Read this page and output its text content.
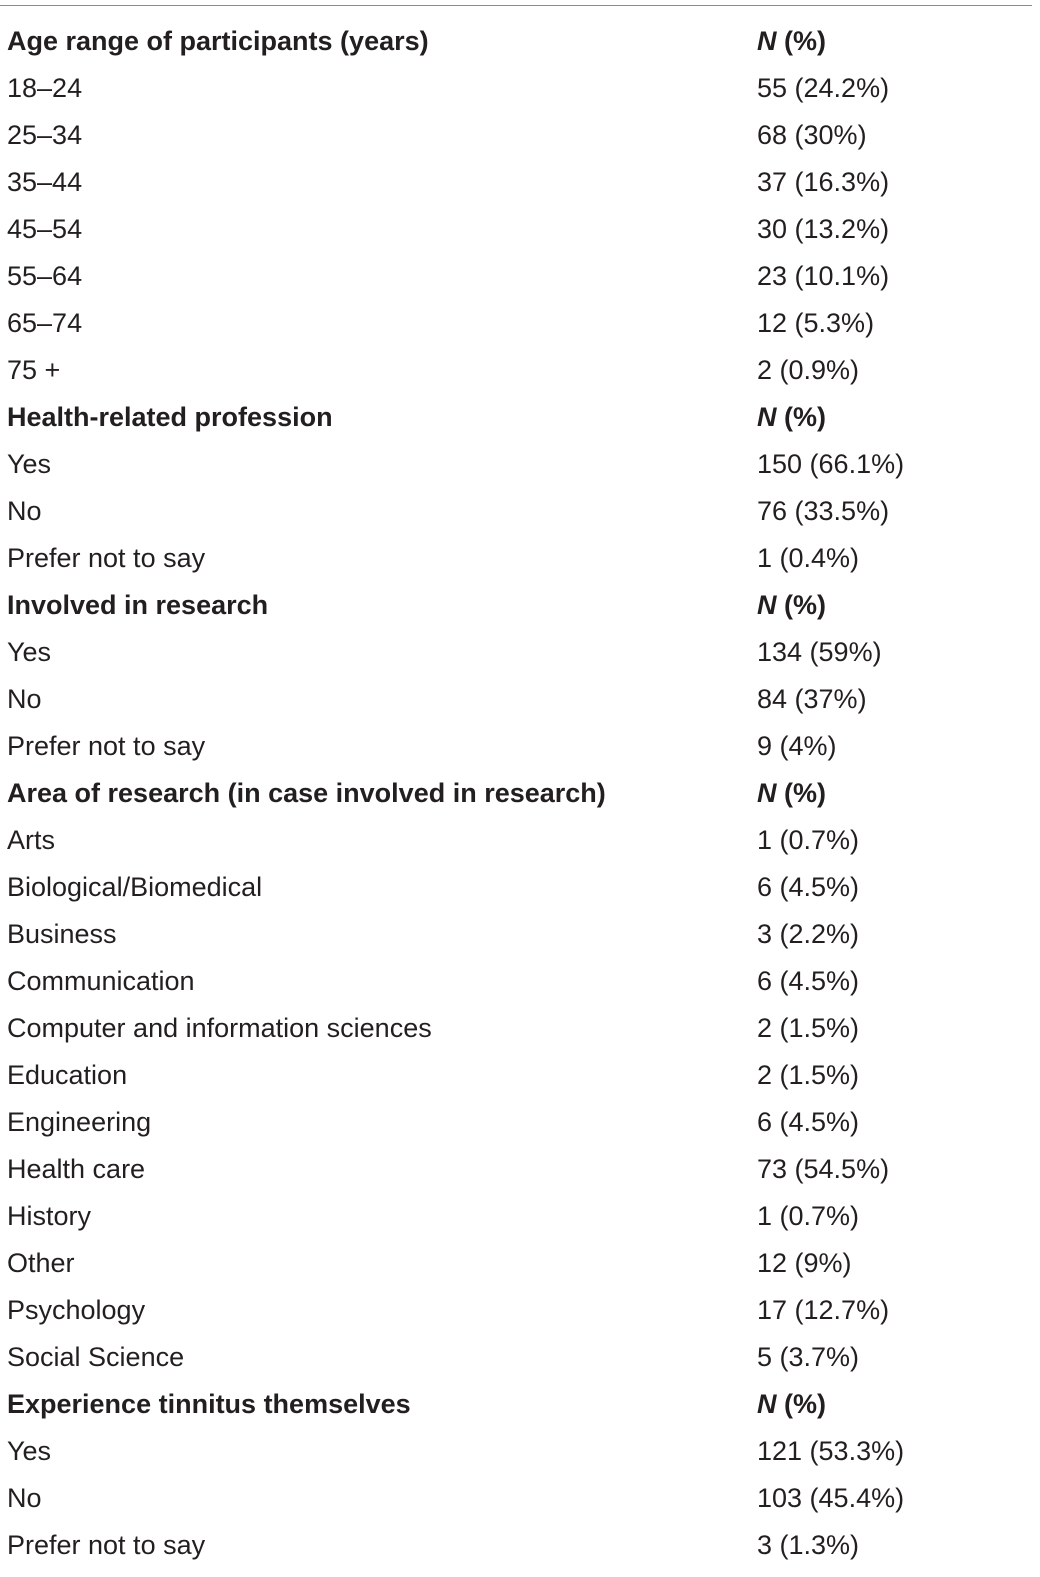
Age range of participants (years)	N (%)
18–24	55 (24.2%)
25–34	68 (30%)
35–44	37 (16.3%)
45–54	30 (13.2%)
55–64	23 (10.1%)
65–74	12 (5.3%)
75 +	2 (0.9%)
Health-related profession	N (%)
Yes	150 (66.1%)
No	76 (33.5%)
Prefer not to say	1 (0.4%)
Involved in research	N (%)
Yes	134 (59%)
No	84 (37%)
Prefer not to say	9 (4%)
Area of research (in case involved in research)	N (%)
Arts	1 (0.7%)
Biological/Biomedical	6 (4.5%)
Business	3 (2.2%)
Communication	6 (4.5%)
Computer and information sciences	2 (1.5%)
Education	2 (1.5%)
Engineering	6 (4.5%)
Health care	73 (54.5%)
History	1 (0.7%)
Other	12 (9%)
Psychology	17 (12.7%)
Social Science	5 (3.7%)
Experience tinnitus themselves	N (%)
Yes	121 (53.3%)
No	103 (45.4%)
Prefer not to say	3 (1.3%)
